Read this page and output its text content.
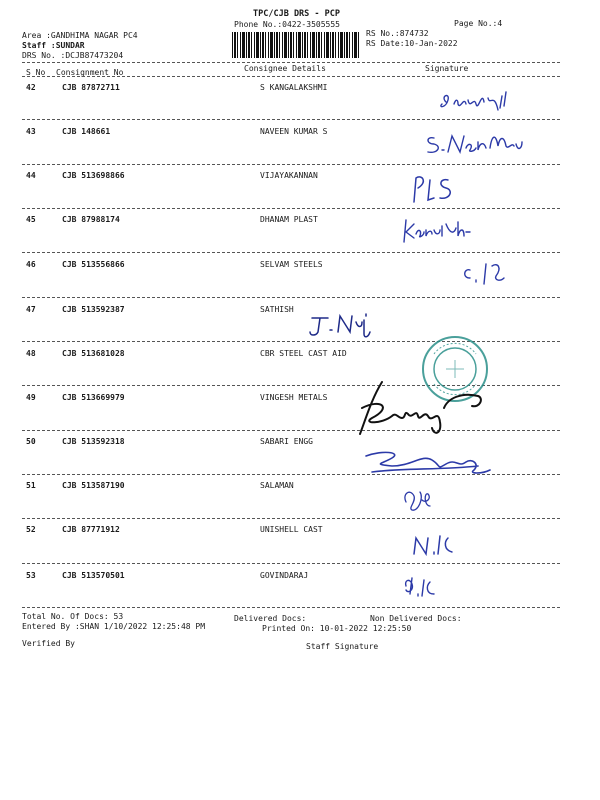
TPC/CJB DRS - PCP
Phone No.:0422-3505555	Page No.:4
Area :GANDHIMA NAGAR PC4
Staff :SUNDAR
DRS No. :DCJB87473204
RS No.:874732
RS Date:10-Jan-2022
S No Consignment No	Consignee Details	Signature
42	CJB 87872711	S KANGALAKSHMI
43	CJB 148661	NAVEEN KUMAR S
44	CJB 513698866	VIJAYAKANNAN
45	CJB 87988174	DHANAM PLAST
46	CJB 513556866	SELVAM STEELS
47	CJB 513592387	SATHISH
48	CJB 513681028	CBR STEEL CAST AID
49	CJB 513669979	VINGESH METALS
50	CJB 513592318	SABARI ENGG
51	CJB 513587190	SALAMAN
52	CJB 87771912	UNISHELL CAST
53	CJB 513570501	GOVINDARAJ
Total No. Of Docs: 53	Delivered Docs:	Non Delivered Docs:
Entered By :SHAN 1/10/2022 12:25:48 PM	Printed On: 10-01-2022 12:25:50
Verified By	Staff Signature
